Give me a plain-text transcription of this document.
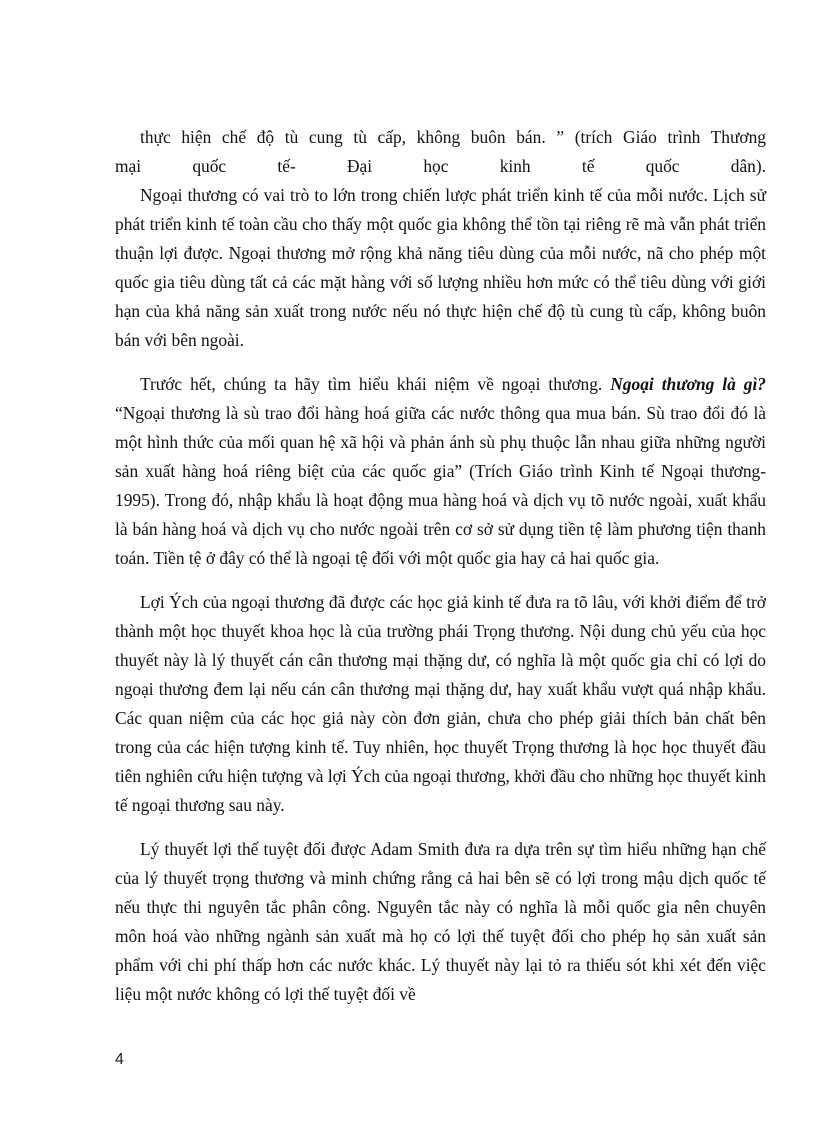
thực hiện chế độ tù cung tù cấp, không buôn bán. ” (trích Giáo trình Thương
mại quốc tế- Đại học kinh tế quốc dân).

Ngoại thương có vai trò to lớn trong chiến lược phát triển kinh tế của mỗi nước. Lịch sử phát triển kinh tế toàn cầu cho thấy một quốc gia không thể tồn tại riêng rẽ mà vẫn phát triển thuận lợi được. Ngoại thương mở rộng khả năng tiêu dùng của mỗi nước, nã cho phép một quốc gia tiêu dùng tất cả các mặt hàng với số lượng nhiều hơn mức có thể tiêu dùng với giới hạn của khả năng sản xuất trong nước nếu nó thực hiện chế độ tù cung tù cấp, không buôn bán với bên ngoài.

Trước hết, chúng ta hãy tìm hiểu khái niệm về ngoại thương. Ngoại thương là gì? “Ngoại thương là sù trao đổi hàng hoá giữa các nước thông qua mua bán. Sù trao đổi đó là một hình thức của mối quan hệ xã hội và phản ánh sù phụ thuộc lẫn nhau giữa những người sản xuất hàng hoá riêng biệt của các quốc gia” (Trích Giáo trình Kinh tế Ngoại thương-1995). Trong đó, nhập khẩu là hoạt động mua hàng hoá và dịch vụ tõ nước ngoài, xuất khẩu là bán hàng hoá và dịch vụ cho nước ngoài trên cơ sở sử dụng tiền tệ làm phương tiện thanh toán. Tiền tệ ở đây có thể là ngoại tệ đối với một quốc gia hay cả hai quốc gia.

Lợi Ých của ngoại thương đã được các học giả kinh tế đưa ra tõ lâu, với khởi điểm để trở thành một học thuyết khoa học là của trường phái Trọng thương. Nội dung chủ yếu của học thuyết này là lý thuyết cán cân thương mại thặng dư, có nghĩa là một quốc gia chỉ có lợi do ngoại thương đem lại nếu cán cân thương mại thặng dư, hay xuất khẩu vượt quá nhập khẩu. Các quan niệm của các học giả này còn đơn giản, chưa cho phép giải thích bản chất bên trong của các hiện tượng kinh tế. Tuy nhiên, học thuyết Trọng thương là học học thuyết đầu tiên nghiên cứu hiện tượng và lợi Ých của ngoại thương, khởi đầu cho những học thuyết kinh tế ngoại thương sau này.

Lý thuyết lợi thế tuyệt đối được Adam Smith đưa ra dựa trên sự tìm hiểu những hạn chế của lý thuyết trọng thương và minh chứng rằng cả hai bên sẽ có lợi trong mậu dịch quốc tế nếu thực thi nguyên tắc phân công. Nguyên tắc này có nghĩa là mỗi quốc gia nên chuyên môn hoá vào những ngành sản xuất mà họ có lợi thế tuyệt đối cho phép họ sản xuất sản phẩm với chi phí thấp hơn các nước khác. Lý thuyết này lại tỏ ra thiếu sót khi xét đến việc liệu một nước không có lợi thế tuyệt đối về

4
